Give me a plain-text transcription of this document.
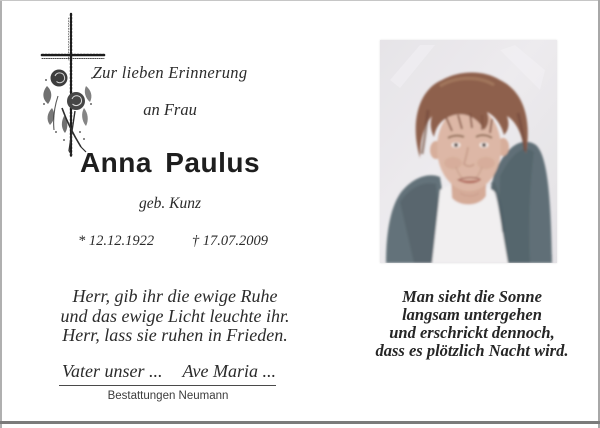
Zur lieben Erinnerung
an Frau
Anna Paulus
geb. Kunz
* 12.12.1922	† 17.07.2009
Herr, gib ihr die ewige Ruhe
und das ewige Licht leuchte ihr.
Herr, lass sie ruhen in Frieden.
Vater unser ... Ave Maria ...
Bestattungen Neumann
Man sieht die Sonne
langsam untergehen
und erschrickt dennoch,
dass es plötzlich Nacht wird.
